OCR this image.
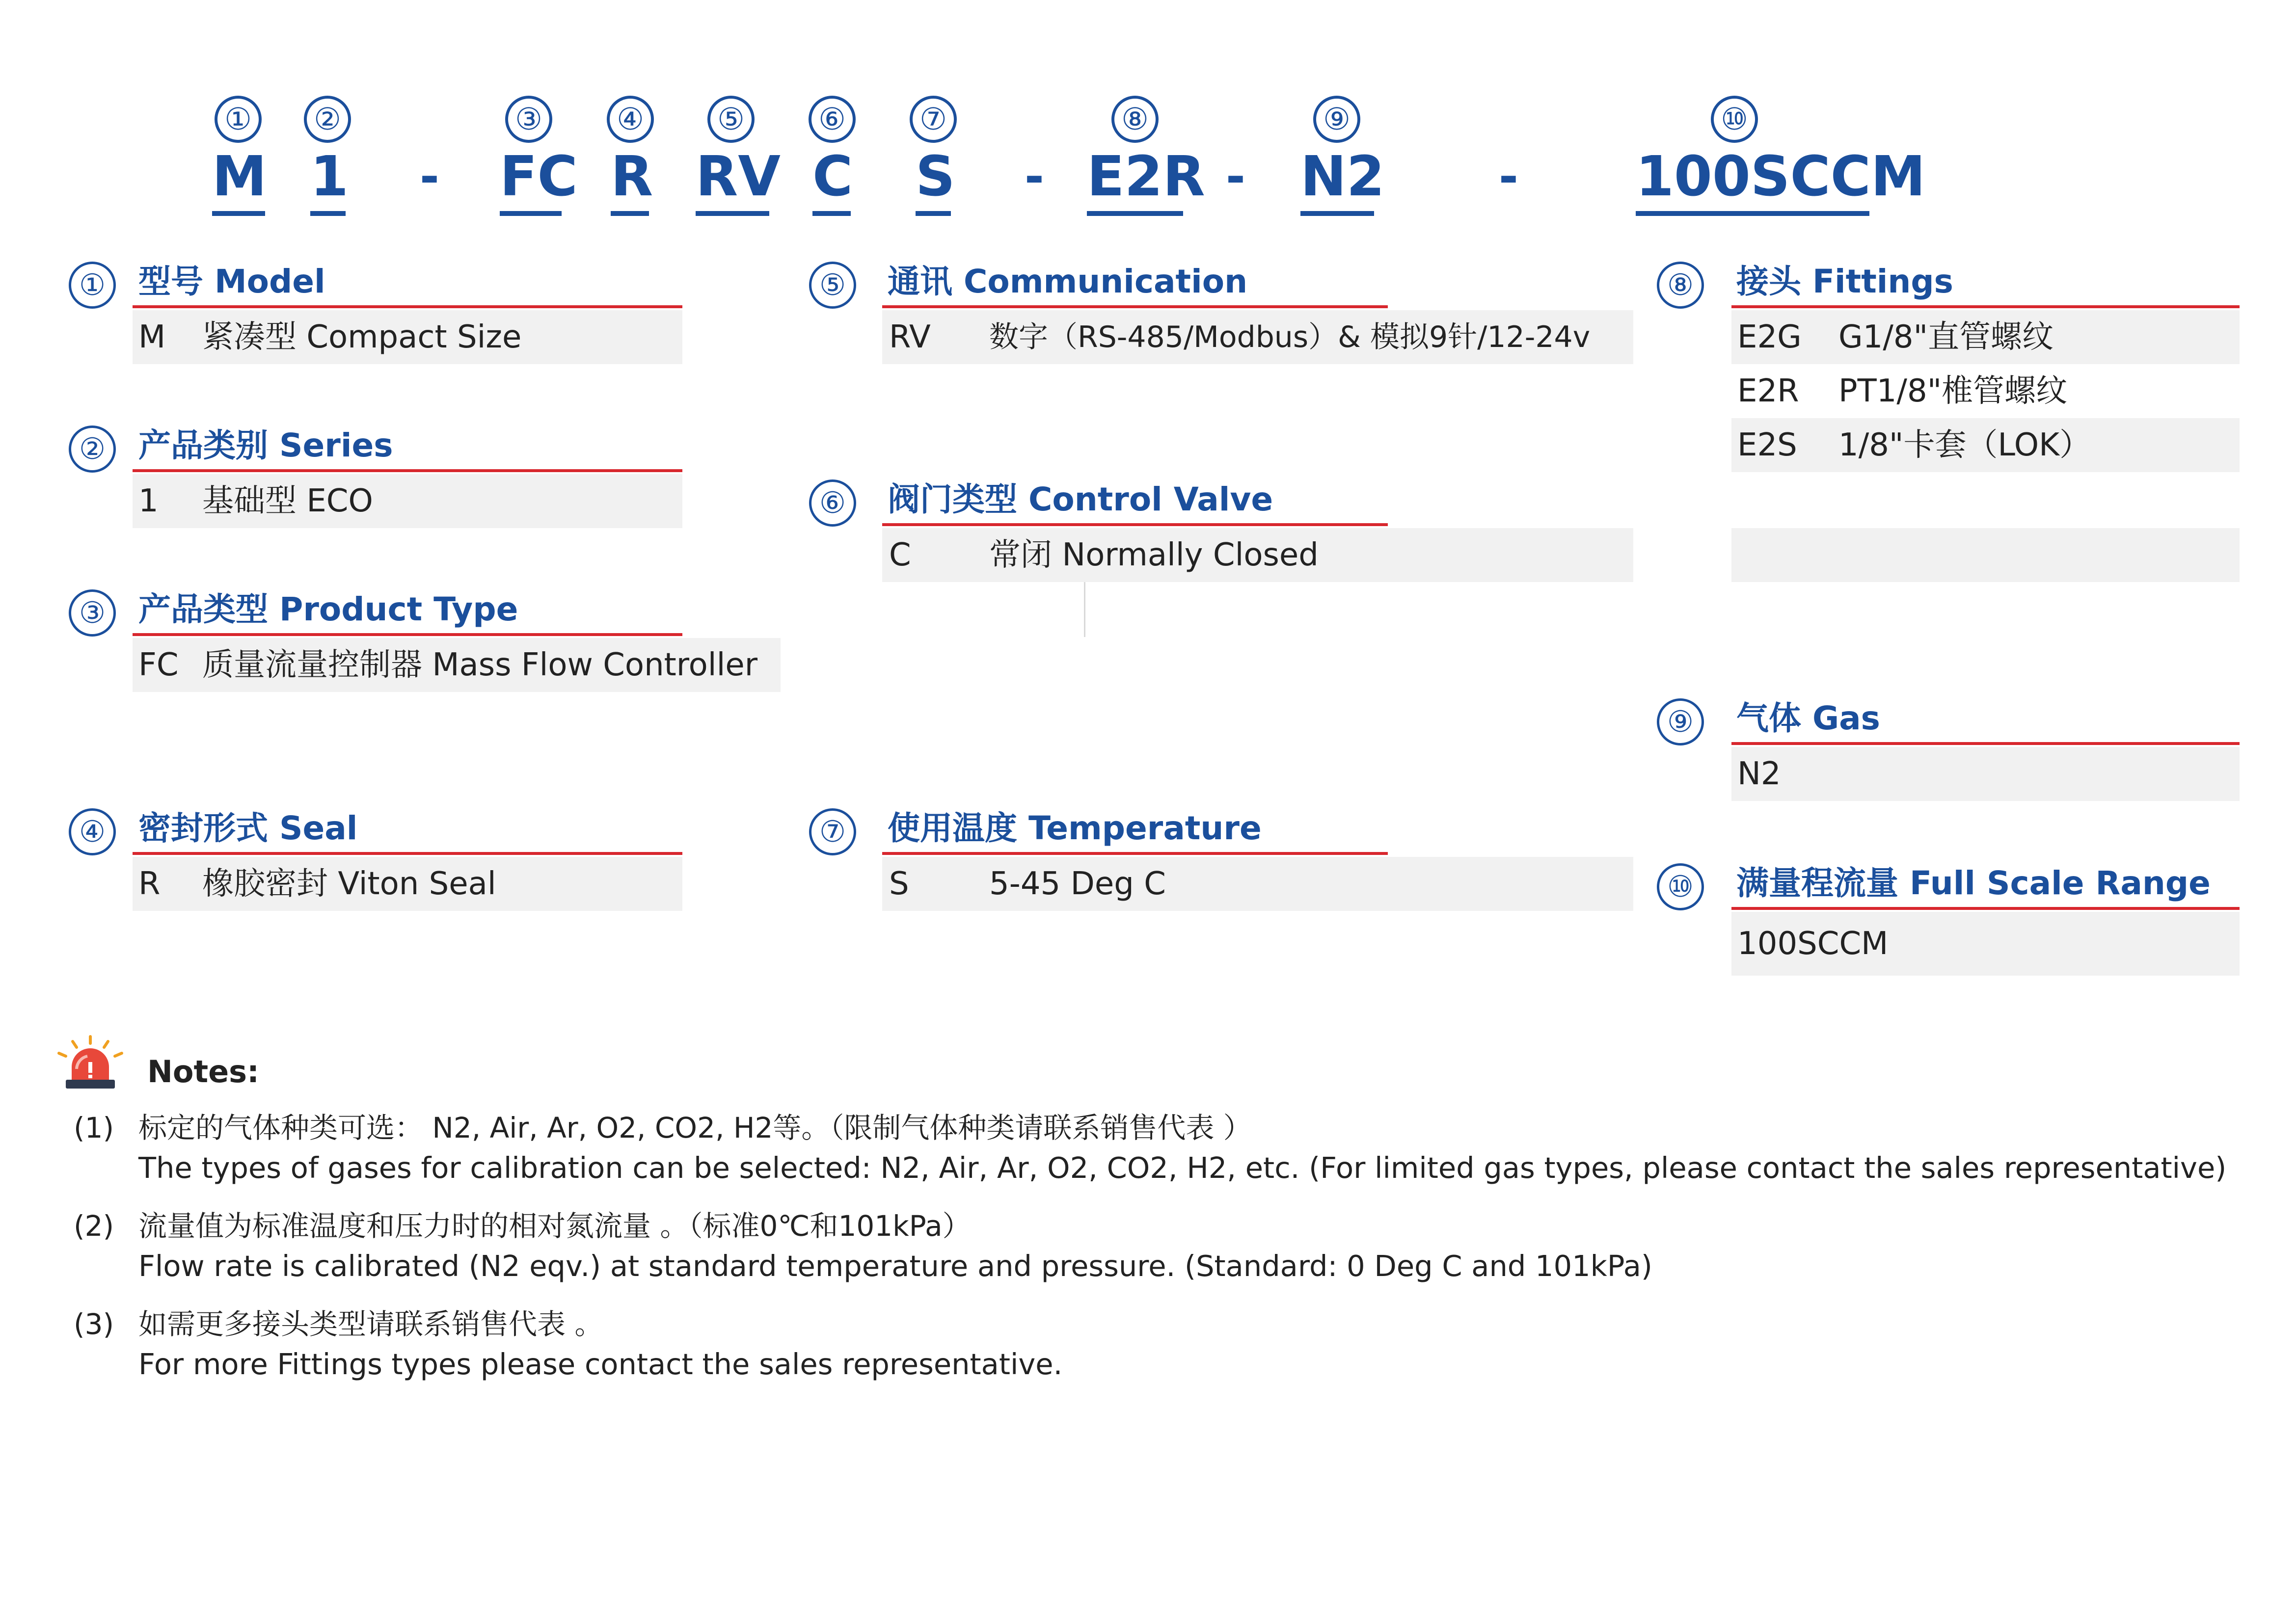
①	②	③	④	⑤	⑥	⑦	⑧	⑨	⑩
M 1 - FC R RV C S - E2R - N2 - 100SCCM
①	型号 Model
M 紧凑型 Compact Size
②	产品类别 Series
1 基础型 ECO
③	产品类型 Product Type
FC 质量流量控制器 Mass Flow Controller
④	密封形式 Seal
R 橡胶密封 Viton Seal
⑤	通讯 Communication
RV 数字（RS-485/Modbus）& 模拟9针/12-24v
⑥	阀门类型 Control Valve
C 常闭 Normally Closed
⑦	使用温度 Temperature
S	5-45 Deg C
⑧	接头 Fittings
E2G G1/8"直管螺纹
E2R PT1/8"椎管螺纹
E2S 1/8"卡套（LOK）
⑨	气体 Gas
N2
⑩	满量程流量 Full Scale Range
100SCCM
Notes:
(1) 标定的气体种类可选： N2, Air, Ar, O2, CO2, H2等。（限制气体种类请联系销售代表 ）
The types of gases for calibration can be selected: N2, Air, Ar, O2, CO2, H2, etc. (For limited gas types, please contact the sales representative)
(2) 流量值为标准温度和压力时的相对氮流量 。（标准0℃和101kPa）
Flow rate is calibrated (N2 eqv.) at standard temperature and pressure. (Standard: 0 Deg C and 101kPa)
(3) 如需更多接头类型请联系销售代表 。
For more Fittings types please contact the sales representative.
